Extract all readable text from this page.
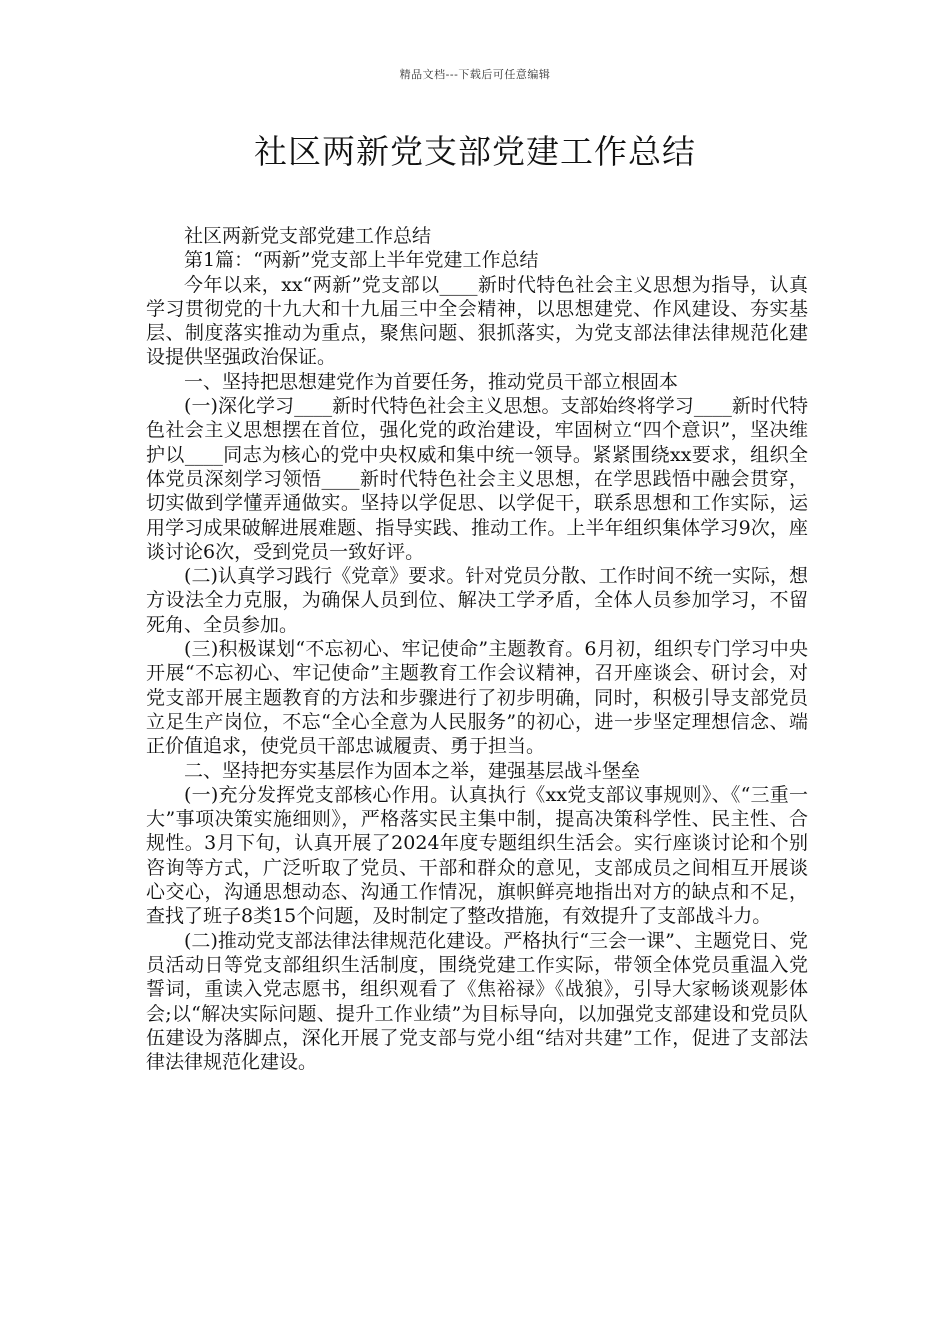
精品文档---下载后可任意编辑
社区两新党支部党建工作总结

社区两新党支部党建工作总结

第1篇：“两新”党支部上半年党建工作总结

今年以来，xx“两新”党支部以____新时代特色社会主义思想为指导，认真学习贯彻党的十九大和十九届三中全会精神，以思想建党、作风建设、夯实基层、制度落实推动为重点，聚焦问题、狠抓落实，为党支部法律法律规范化建设提供坚强政治保证。

一、坚持把思想建党作为首要任务，推动党员干部立根固本

(一)深化学习____新时代特色社会主义思想。支部始终将学习____新时代特色社会主义思想摆在首位，强化党的政治建设，牢固树立“四个意识”，坚决维护以____同志为核心的党中央权威和集中统一领导。紧紧围绕xx要求，组织全体党员深刻学习领悟____新时代特色社会主义思想，在学思践悟中融会贯穿，切实做到学懂弄通做实。坚持以学促思、以学促干，联系思想和工作实际，运用学习成果破解进展难题、指导实践、推动工作。上半年组织集体学习9次，座谈讨论6次，受到党员一致好评。

(二)认真学习践行《党章》要求。针对党员分散、工作时间不统一实际，想方设法全力克服，为确保人员到位、解决工学矛盾，全体人员参加学习，不留死角、全员参加。

(三)积极谋划“不忘初心、牢记使命”主题教育。6月初，组织专门学习中央开展“不忘初心、牢记使命”主题教育工作会议精神，召开座谈会、研讨会，对党支部开展主题教育的方法和步骤进行了初步明确，同时，积极引导支部党员立足生产岗位，不忘“全心全意为人民服务”的初心，进一步坚定理想信念、端正价值追求，使党员干部忠诚履责、勇于担当。

二、坚持把夯实基层作为固本之举，建强基层战斗堡垒

(一)充分发挥党支部核心作用。认真执行《xx党支部议事规则》、《“三重一大”事项决策实施细则》，严格落实民主集中制，提高决策科学性、民主性、合规性。3月下旬，认真开展了2024年度专题组织生活会。实行座谈讨论和个别咨询等方式，广泛听取了党员、干部和群众的意见，支部成员之间相互开展谈心交心，沟通思想动态、沟通工作情况，旗帜鲜亮地指出对方的缺点和不足，查找了班子8类15个问题，及时制定了整改措施，有效提升了支部战斗力。

(二)推动党支部法律法律规范化建设。严格执行“三会一课”、主题党日、党员活动日等党支部组织生活制度，围绕党建工作实际，带领全体党员重温入党誓词，重读入党志愿书，组织观看了《焦裕禄》《战狼》，引导大家畅谈观影体会;以“解决实际问题、提升工作业绩”为目标导向，以加强党支部建设和党员队伍建设为落脚点，深化开展了党支部与党小组“结对共建”工作，促进了支部法律法律规范化建设。
